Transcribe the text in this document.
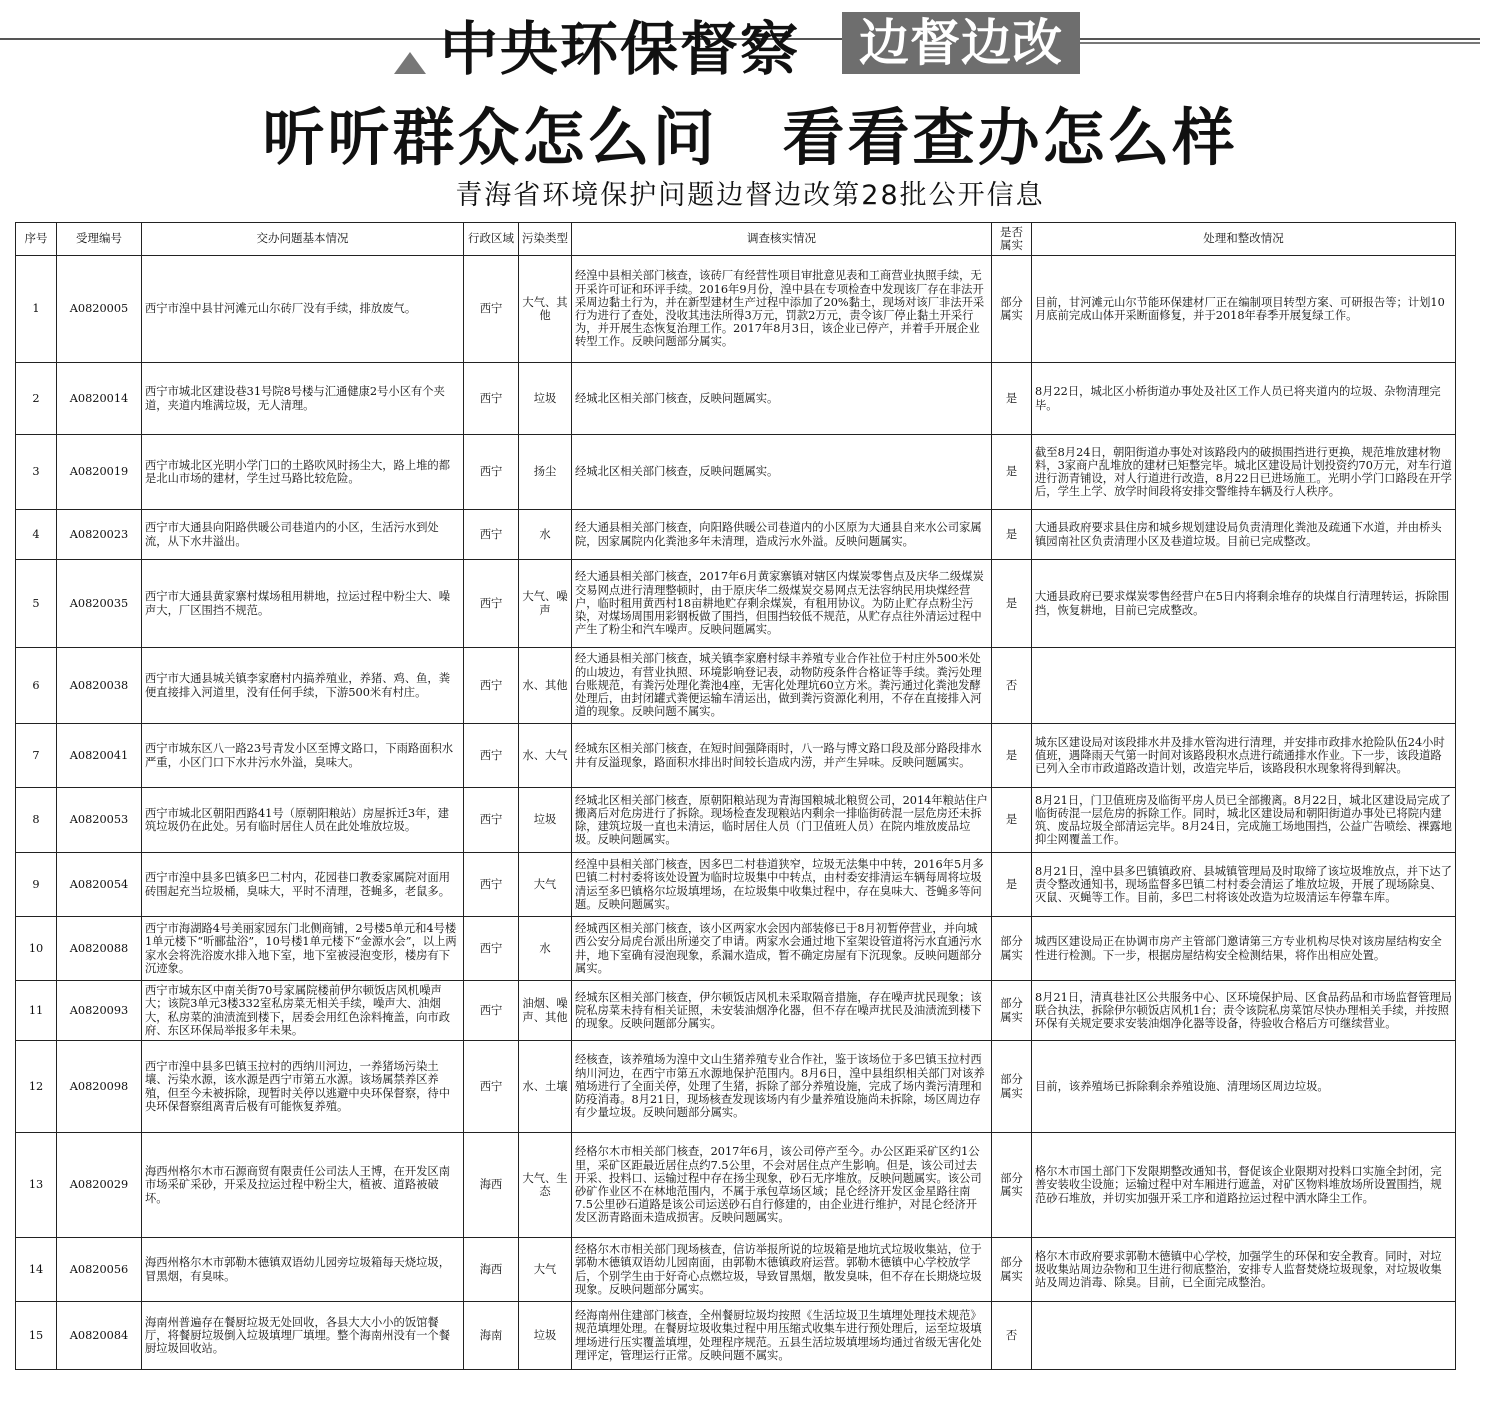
中央环保督察	边督边改
听听群众怎么问　看看查办怎么样
青海省环境保护问题边督边改第28批公开信息
序号	受理编号	交办问题基本情况	行政区域	污染类型	调查核实情况	是否属实	处理和整改情况
1	A0820005	西宁市湟中县甘河滩元山尔砖厂没有手续，排放废气。	西宁	大气、其他	经湟中县相关部门核查，该砖厂有经营性项目审批意见表和工商营业执照手续，无开采许可证和环评手续。2016年9月份，湟中县在专项检查中发现该厂存在非法开采周边黏土行为，并在新型建材生产过程中添加了20%黏土，现场对该厂非法开采行为进行了查处，没收其违法所得3万元，罚款2万元，责令该厂停止黏土开采行为，并开展生态恢复治理工作。2017年8月3日，该企业已停产，并着手开展企业转型工作。反映问题部分属实。	部分属实	目前，甘河滩元山尔节能环保建材厂正在编制项目转型方案、可研报告等；计划10月底前完成山体开采断面修复，并于2018年春季开展复绿工作。
2	A0820014	西宁市城北区建设巷31号院8号楼与汇通健康2号小区有个夹道，夹道内堆满垃圾，无人清理。	西宁	垃圾	经城北区相关部门核查，反映问题属实。	是	8月22日，城北区小桥街道办事处及社区工作人员已将夹道内的垃圾、杂物清理完毕。
3	A0820019	西宁市城北区光明小学门口的土路吹风时扬尘大，路上堆的都是北山市场的建材，学生过马路比较危险。	西宁	扬尘	经城北区相关部门核查，反映问题属实。	是	截至8月24日，朝阳街道办事处对该路段内的破损围挡进行更换，规范堆放建材物料，3家商户乱堆放的建材已矩整完毕。城北区建设局计划投资约70万元，对车行道进行沥青铺设，对人行道进行改造，8月22日已进场施工。光明小学门口路段在开学后，学生上学、放学时间段将安排交警维持车辆及行人秩序。
4	A0820023	西宁市大通县向阳路供暖公司巷道内的小区，生活污水到处流，从下水井溢出。	西宁	水	经大通县相关部门核查，向阳路供暖公司巷道内的小区原为大通县自来水公司家属院，因家属院内化粪池多年未清理，造成污水外溢。反映问题属实。	是	大通县政府要求县住房和城乡规划建设局负责清理化粪池及疏通下水道，并由桥头镇园南社区负责清理小区及巷道垃圾。目前已完成整改。
5	A0820035	西宁市大通县黄家寨村煤场租用耕地，拉运过程中粉尘大、噪声大，厂区围挡不规范。	西宁	大气、噪声	经大通县相关部门核查，2017年6月黄家寨镇对辖区内煤炭零售点及庆华二级煤炭交易网点进行清理整顿时，由于原庆华二级煤炭交易网点无法容纳民用块煤经营户，临时租用黄西村18亩耕地贮存剩余煤炭，有租用协议。为防止贮存点粉尘污染，对煤场周围用彩钢板做了围挡，但围挡较低不规范，从贮存点往外清运过程中产生了粉尘和汽车噪声。反映问题属实。	是	大通县政府已要求煤炭零售经营户在5日内将剩余堆存的块煤自行清理转运，拆除围挡，恢复耕地，目前已完成整改。
6	A0820038	西宁市大通县城关镇李家磨村内搞养殖业，养猪、鸡、鱼，粪便直接排入河道里，没有任何手续，下游500米有村庄。	西宁	水、其他	经大通县相关部门核查，城关镇李家磨村绿丰养殖专业合作社位于村庄外500米处的山坡边，有营业执照、环境影响登记表，动物防疫条件合格证等手续。粪污处理台账规范，有粪污处理化粪池4座，无害化处理坑60立方米。粪污通过化粪池发酵处理后，由封闭罐式粪便运输车清运出，做到粪污资源化利用，不存在直接排入河道的现象。反映问题不属实。	否	
7	A0820041	西宁市城东区八一路23号青发小区至博文路口，下雨路面积水严重，小区门口下水井污水外溢，臭味大。	西宁	水、大气	经城东区相关部门核查，在短时间强降雨时，八一路与博文路口段及部分路段排水井有反溢现象，路面积水排出时间较长造成内涝，并产生异味。反映问题属实。	是	城东区建设局对该段排水井及排水管沟进行清理，并安排市政排水抢险队伍24小时值班，遇降雨天气第一时间对该路段积水点进行疏通排水作业。下一步，该段道路已列入全市市政道路改造计划，改造完毕后，该路段积水现象将得到解决。
8	A0820053	西宁市城北区朝阳西路41号（原朝阳粮站）房屋拆迁3年，建筑垃圾仍在此处。另有临时居住人员在此处堆放垃圾。	西宁	垃圾	经城北区相关部门核查，原朝阳粮站现为青海国粮城北粮贸公司，2014年粮站住户搬离后对危房进行了拆除。现场检查发现粮站内剩余一排临街砖混一层危房还未拆除，建筑垃圾一直也未清运，临时居住人员（门卫值班人员）在院内堆放废品垃圾。反映问题属实。	是	8月21日，门卫值班房及临街平房人员已全部搬离。8月22日，城北区建设局完成了临街砖混一层危房的拆除工作。同时，城北区建设局和朝阳街道办事处已将院内建筑、废品垃圾全部清运完毕。8月24日，完成施工场地围挡，公益广告喷绘、裸露地抑尘网覆盖工作。
9	A0820054	西宁市湟中县多巴镇多巴二村内，花园巷口教委家属院对面用砖围起充当垃圾桶，臭味大，平时不清理，苍蝇多，老鼠多。	西宁	大气	经湟中县相关部门核查，因多巴二村巷道狭窄，垃圾无法集中中转，2016年5月多巴镇二村村委将该处设置为临时垃圾集中中转点，由村委安排清运车辆每周将垃圾清运至多巴镇格尔垃圾填埋场，在垃圾集中收集过程中，存在臭味大、苍蝇多等问题。反映问题属实。	是	8月21日，湟中县多巴镇镇政府、县城镇管理局及时取缔了该垃圾堆放点，并下达了责令整改通知书，现场监督多巴镇二村村委会清运了堆放垃圾，开展了现场除臭、灭鼠、灭蝇等工作。目前，多巴二村将该处改造为垃圾清运车停靠车库。
10	A0820088	西宁市海湖路4号美丽家园东门北侧商铺，2号楼5单元和4号楼1单元楼下“听郦盐浴”，10号楼1单元楼下“金源水会”，以上两家水会将洗浴废水排入地下室，地下室被浸泡变形，楼房有下沉迹象。	西宁	水	经城西区相关部门核查，该小区两家水会因内部装修已于8月初暂停营业，并向城西公安分局虎台派出所递交了申请。两家水会通过地下室架设管道将污水直通污水井，地下室确有浸泡现象，系漏水造成，暂不确定房屋有下沉现象。反映问题部分属实。	部分属实	城西区建设局正在协调市房产主管部门邀请第三方专业机构尽快对该房屋结构安全性进行检测。下一步，根据房屋结构安全检测结果，将作出相应处置。
11	A0820093	西宁市城东区中南关街70号家属院楼前伊尔顿饭店风机噪声大；该院3单元3楼332室私房菜无相关手续，噪声大、油烟大，私房菜的油渍流到楼下，居委会用红色涂料掩盖，向市政府、东区环保局举报多年未果。	西宁	油烟、噪声、其他	经城东区相关部门核查，伊尔顿饭店风机未采取隔音措施，存在噪声扰民现象；该院私房菜未持有相关证照，未安装油烟净化器，但不存在噪声扰民及油渍流到楼下的现象。反映问题部分属实。	部分属实	8月21日，清真巷社区公共服务中心、区环境保护局、区食品药品和市场监督管理局联合执法，拆除伊尔顿饭店风机1台；责令该院私房菜馆尽快办理相关手续，并按照环保有关规定要求安装油烟净化器等设备，待验收合格后方可继续营业。
12	A0820098	西宁市湟中县多巴镇玉拉村的西纳川河边，一养猪场污染土壤、污染水源，该水源是西宁市第五水源。该场属禁养区养殖，但至今未被拆除，现暂时关停以逃避中央环保督察，待中央环保督察组离青后极有可能恢复养殖。	西宁	水、土壤	经核查，该养殖场为湟中文山生猪养殖专业合作社，鉴于该场位于多巴镇玉拉村西纳川河边，在西宁市第五水源地保护范围内。8月6日，湟中县组织相关部门对该养殖场进行了全面关停，处理了生猪，拆除了部分养殖设施，完成了场内粪污清理和防疫消毒。8月21日，现场核查发现该场内有少量养殖设施尚未拆除，场区周边存有少量垃圾。反映问题部分属实。	部分属实	目前，该养殖场已拆除剩余养殖设施、清理场区周边垃圾。
13	A0820029	海西州格尔木市石源商贸有限责任公司法人王博，在开发区南市场采矿采砂，开采及拉运过程中粉尘大，植被、道路被破坏。	海西	大气、生态	经格尔木市相关部门核查，2017年6月，该公司停产至今。办公区距采矿区约1公里，采矿区距最近居住点约7.5公里，不会对居住点产生影响。但是，该公司过去开采、投料口、运输过程中存在扬尘现象，砂石无序堆放。反映问题属实。该公司砂矿作业区不在林地范围内，不属于承包草场区域；昆仑经济开发区金星路往南7.5公里砂石道路是该公司运送砂石自行修建的，由企业进行维护，对昆仑经济开发区沥青路面未造成损害。反映问题属实。	部分属实	格尔木市国土部门下发限期整改通知书，督促该企业限期对投料口实施全封闭，完善安装收尘设施；运输过程中对车厢进行遮盖，对矿区物料堆放场所设置围挡，规范砂石堆放，并切实加强开采工序和道路拉运过程中洒水降尘工作。
14	A0820056	海西州格尔木市郭勒木德镇双语幼儿园旁垃圾箱每天烧垃圾，冒黑烟，有臭味。	海西	大气	经格尔木市相关部门现场核查，信访举报所说的垃圾箱是地坑式垃圾收集站，位于郭勒木德镇双语幼儿园南面，由郭勒木德镇政府运营。郭勒木德镇中心学校放学后，个别学生由于好奇心点燃垃圾，导致冒黑烟，散发臭味，但不存在长期烧垃圾现象。反映问题部分属实。	部分属实	格尔木市政府要求郭勒木德镇中心学校，加强学生的环保和安全教育。同时，对垃圾收集站周边杂物和卫生进行彻底整治，安排专人监督焚烧垃圾现象，对垃圾收集站及周边消毒、除臭。目前，已全面完成整治。
15	A0820084	海南州普遍存在餐厨垃圾无处回收，各县大大小小的饭馆餐厅，将餐厨垃圾倒入垃圾填埋厂填埋。整个海南州没有一个餐厨垃圾回收站。	海南	垃圾	经海南州住建部门核查，全州餐厨垃圾均按照《生活垃圾卫生填埋处理技术规范》规范填埋处理。在餐厨垃圾收集过程中用压缩式收集车进行预处理后，运至垃圾填埋场进行压实覆盖填埋，处理程序规范。五县生活垃圾填埋场均通过省级无害化处理评定，管理运行正常。反映问题不属实。	否	
